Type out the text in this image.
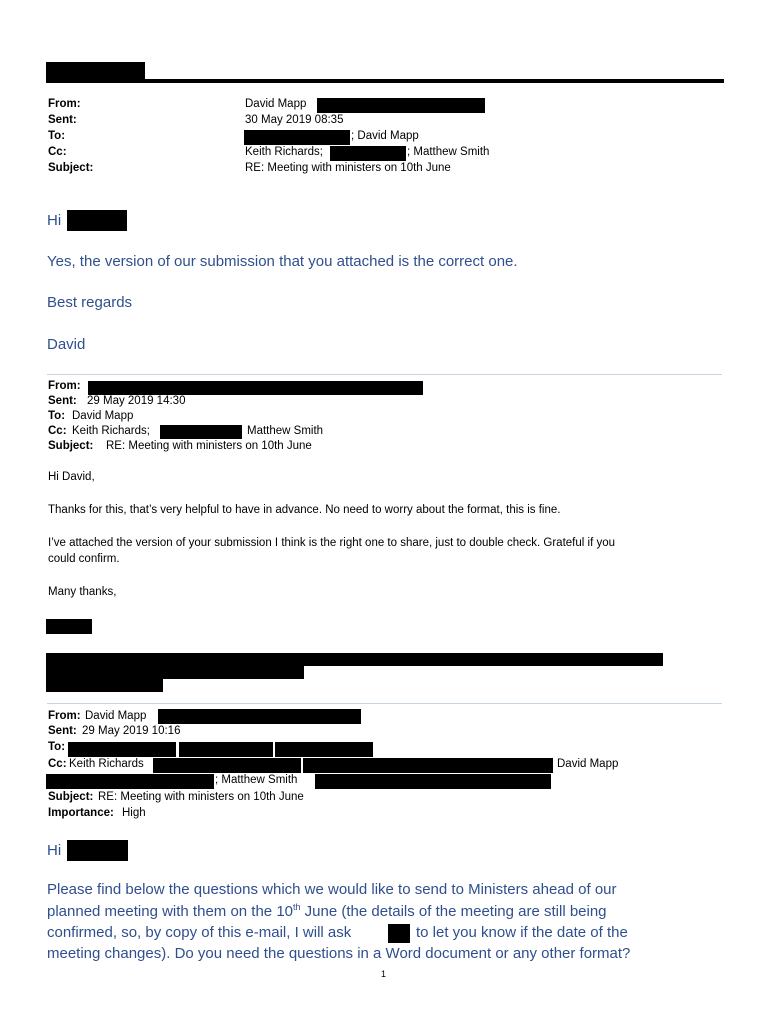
From:	David Mapp
Sent:	30 May 2019 08:35
To:	; David Mapp
Cc:	Keith Richards;	; Matthew Smith
Subject:	RE: Meeting with ministers on 10th June
Hi
Yes, the version of our submission that you attached is the correct one.
Best regards
David
From:
Sent: 29 May 2019 14:30
To: David Mapp
Cc: Keith Richards;	Matthew Smith
Subject: RE: Meeting with ministers on 10th June
Hi David,
Thanks for this, that’s very helpful to have in advance. No need to worry about the format, this is fine.
I’ve attached the version of your submission I think is the right one to share, just to double check. Grateful if you
could confirm.
Many thanks,
From: David Mapp
Sent: 29 May 2019 10:16
To:
Cc: Keith Richards	David Mapp
; Matthew Smith
Subject: RE: Meeting with ministers on 10th June
Importance: High
Hi
Please find below the questions which we would like to send to Ministers ahead of our
planned meeting with them on the 10th June (the details of the meeting are still being
confirmed, so, by copy of this e-mail, I will ask	to let you know if the date of the
meeting changes). Do you need the questions in a Word document or any other format?
1
